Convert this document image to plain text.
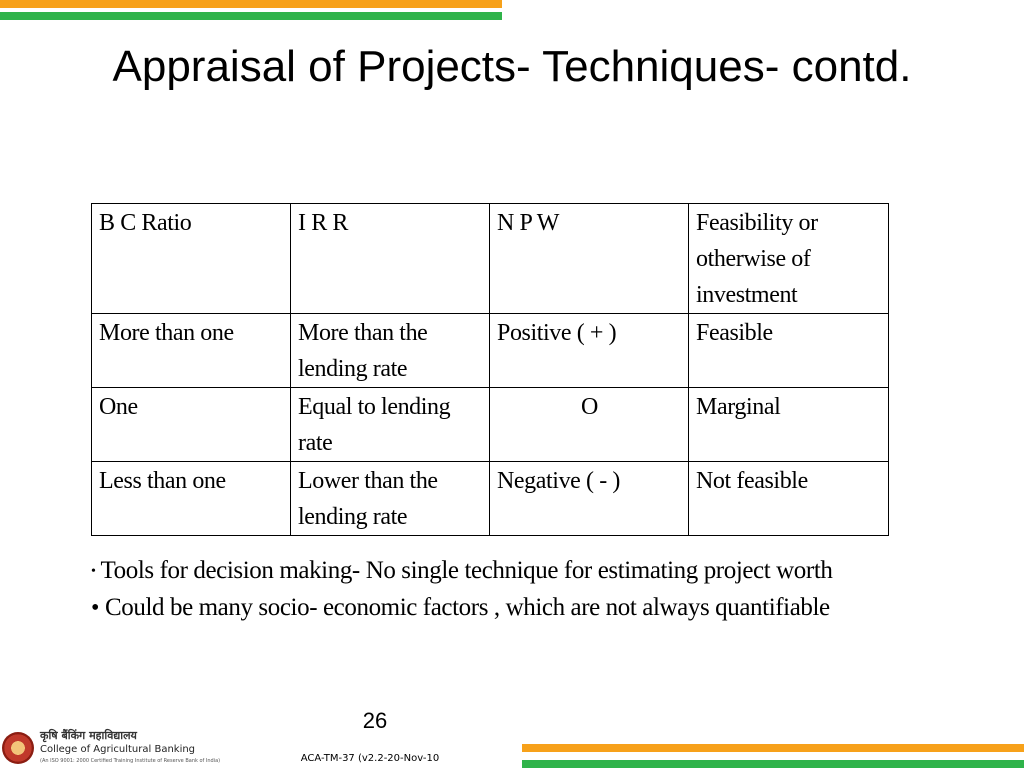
Appraisal of Projects- Techniques- contd.
B C Ratio	I R R	N P W	Feasibility or otherwise of investment
More than one	More than the lending rate	Positive ( + )	Feasible
One	Equal to lending rate	O	Marginal
Less than one	Lower than the lending rate	Negative ( - )	Not feasible
• Tools for decision making- No single technique for estimating project worth
• Could be many socio- economic factors , which are not always quantifiable
26
कृषि बैंकिंग महाविद्यालय
College of Agricultural Banking
(An ISO 9001: 2000 Certified Training Institute of Reserve Bank of India)	ACA-TM-37 (v2.2-20-Nov-10
